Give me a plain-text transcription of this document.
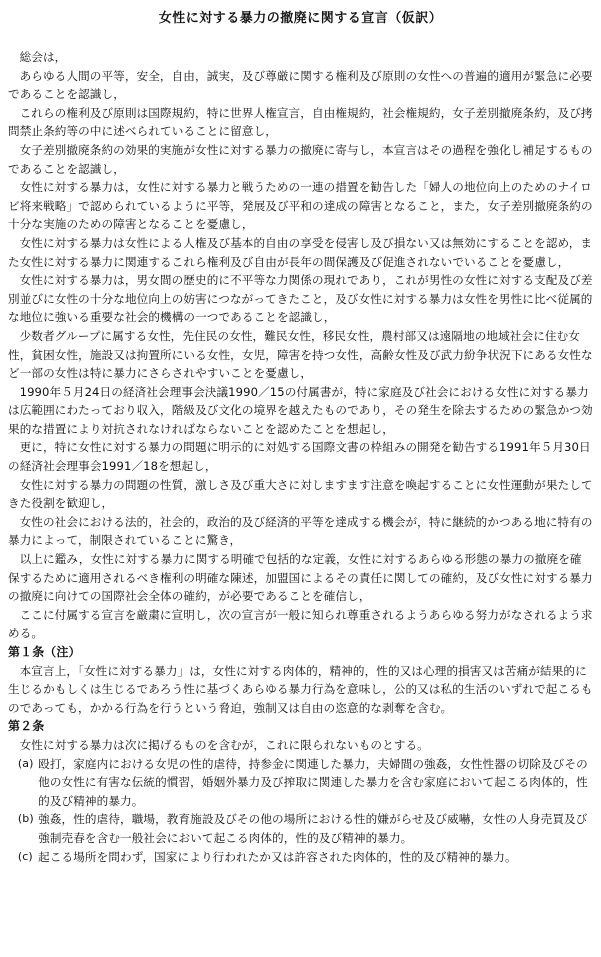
女性に対する暴力の撤廃に関する宣言（仮訳）

総会は，

あらゆる人間の平等，安全，自由，誠実，及び尊厳に関する権利及び原則の女性への普遍的適用が緊急に必要であることを認識し，

これらの権利及び原則は国際規約，特に世界人権宣言，自由権規約，社会権規約，女子差別撤廃条約，及び拷問禁止条約等の中に述べられていることに留意し，

女子差別撤廃条約の効果的実施が女性に対する暴力の撤廃に寄与し，本宣言はその過程を強化し補足するものであることを認識し，

女性に対する暴力は，女性に対する暴力と戦うための一連の措置を勧告した「婦人の地位向上のためのナイロビ将来戦略」で認められているように平等，発展及び平和の達成の障害となること，また，女子差別撤廃条約の十分な実施のための障害となることを憂慮し，

女性に対する暴力は女性による人権及び基本的自由の享受を侵害し及び損ない又は無効にすることを認め，また女性に対する暴力に関連するこれら権利及び自由が長年の間保護及び促進されないでいることを憂慮し，

女性に対する暴力は，男女間の歴史的に不平等な力関係の現れであり，これが男性の女性に対する支配及び差別並びに女性の十分な地位向上の妨害につながってきたこと，及び女性に対する暴力は女性を男性に比べ従属的な地位に強いる重要な社会的機構の一つであることを認識し，

少数者グループに属する女性，先住民の女性，難民女性，移民女性，農村部又は遠隔地の地域社会に住む女性，貧困女性，施設又は拘置所にいる女性，女児，障害を持つ女性，高齢女性及び武力紛争状況下にある女性など一部の女性は特に暴力にさらされやすいことを憂慮し，

1990年５月24日の経済社会理事会決議1990／15の付属書が，特に家庭及び社会における女性に対する暴力は広範囲にわたっており収入，階級及び文化の境界を越えたものであり，その発生を除去するための緊急かつ効果的な措置により対抗されなければならないことを認めたことを想起し，

更に，特に女性に対する暴力の問題に明示的に対処する国際文書の枠組みの開発を勧告する1991年５月30日の経済社会理事会1991／18を想起し，

女性に対する暴力の問題の性質，激しさ及び重大さに対しますます注意を喚起することに女性運動が果たしてきた役割を歓迎し，

女性の社会における法的，社会的，政治的及び経済的平等を達成する機会が，特に継続的かつある地に特有の暴力によって，制限されていることに驚き，

以上に鑑み，女性に対する暴力に関する明確で包括的な定義，女性に対するあらゆる形態の暴力の撤廃を確保するために適用されるべき権利の明確な陳述，加盟国によるその責任に関しての確約，及び女性に対する暴力の撤廃に向けての国際社会全体の確約，が必要であることを確信し，

ここに付属する宣言を厳粛に宣明し，次の宣言が一般に知られ尊重されるようあらゆる努力がなされるよう求める。

第１条（注）

本宣言上，「女性に対する暴力」は，女性に対する肉体的，精神的，性的又は心理的損害又は苦痛が結果的に生じるかもしくは生じるであろう性に基づくあらゆる暴力行為を意味し，公的又は私的生活のいずれで起こるものであっても，かかる行為を行うという脅迫，強制又は自由の恣意的な剥奪を含む。

第２条

女性に対する暴力は次に掲げるものを含むが，これに限られないものとする。

(a) 殴打，家庭内における女児の性的虐待，持参金に関連した暴力，夫婦間の強姦，女性性器の切除及びその他の女性に有害な伝統的慣習，婚姻外暴力及び搾取に関連した暴力を含む家庭において起こる肉体的，性的及び精神的暴力。

(b) 強姦，性的虐待，職場，教育施設及びその他の場所における性的嫌がらせ及び威嚇，女性の人身売買及び強制売春を含む一般社会において起こる肉体的，性的及び精神的暴力。

(c) 起こる場所を問わず，国家により行われたか又は許容された肉体的，性的及び精神的暴力。
